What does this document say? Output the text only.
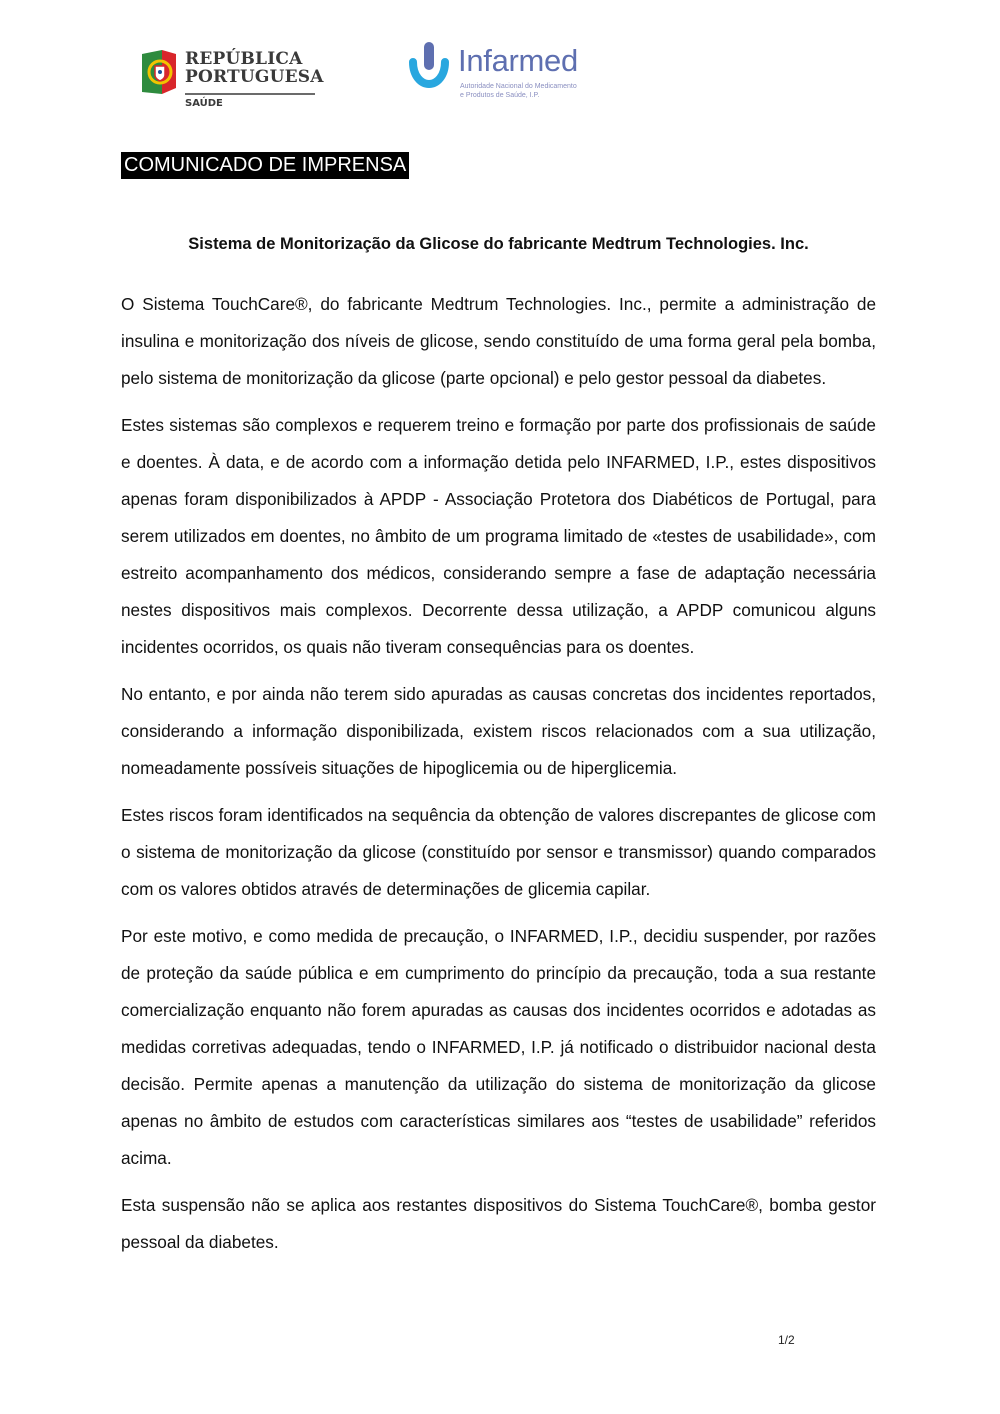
REPÚBLICA
PORTUGUESA
SAÚDE
Infarmed
Autoridade Nacional do Medicamento
e Produtos de Saúde, I.P.
COMUNICADO DE IMPRENSA
Sistema de Monitorização da Glicose do fabricante Medtrum Technologies. Inc.

O Sistema TouchCare®, do fabricante Medtrum Technologies. Inc., permite a administração de insulina e monitorização dos níveis de glicose, sendo constituído de uma forma geral pela bomba, pelo sistema de monitorização da glicose (parte opcional) e pelo gestor pessoal da diabetes.

Estes sistemas são complexos e requerem treino e formação por parte dos profissionais de saúde e doentes. À data, e de acordo com a informação detida pelo INFARMED, I.P., estes dispositivos apenas foram disponibilizados à APDP - Associação Protetora dos Diabéticos de Portugal, para serem utilizados em doentes, no âmbito de um programa limitado de «testes de usabilidade», com estreito acompanhamento dos médicos, considerando sempre a fase de adaptação necessária nestes dispositivos mais complexos. Decorrente dessa utilização, a APDP comunicou alguns incidentes ocorridos, os quais não tiveram consequências para os doentes.

No entanto, e por ainda não terem sido apuradas as causas concretas dos incidentes reportados, considerando a informação disponibilizada, existem riscos relacionados com a sua utilização, nomeadamente possíveis situações de hipoglicemia ou de hiperglicemia.

Estes riscos foram identificados na sequência da obtenção de valores discrepantes de glicose com o sistema de monitorização da glicose (constituído por sensor e transmissor) quando comparados com os valores obtidos através de determinações de glicemia capilar.

Por este motivo, e como medida de precaução, o INFARMED, I.P., decidiu suspender, por razões de proteção da saúde pública e em cumprimento do princípio da precaução, toda a sua restante comercialização enquanto não forem apuradas as causas dos incidentes ocorridos e adotadas as medidas corretivas adequadas, tendo o INFARMED, I.P. já notificado o distribuidor nacional desta decisão. Permite apenas a manutenção da utilização do sistema de monitorização da glicose apenas no âmbito de estudos com características similares aos “testes de usabilidade” referidos acima.

Esta suspensão não se aplica aos restantes dispositivos do Sistema TouchCare®, bomba gestor pessoal da diabetes.

1/2
